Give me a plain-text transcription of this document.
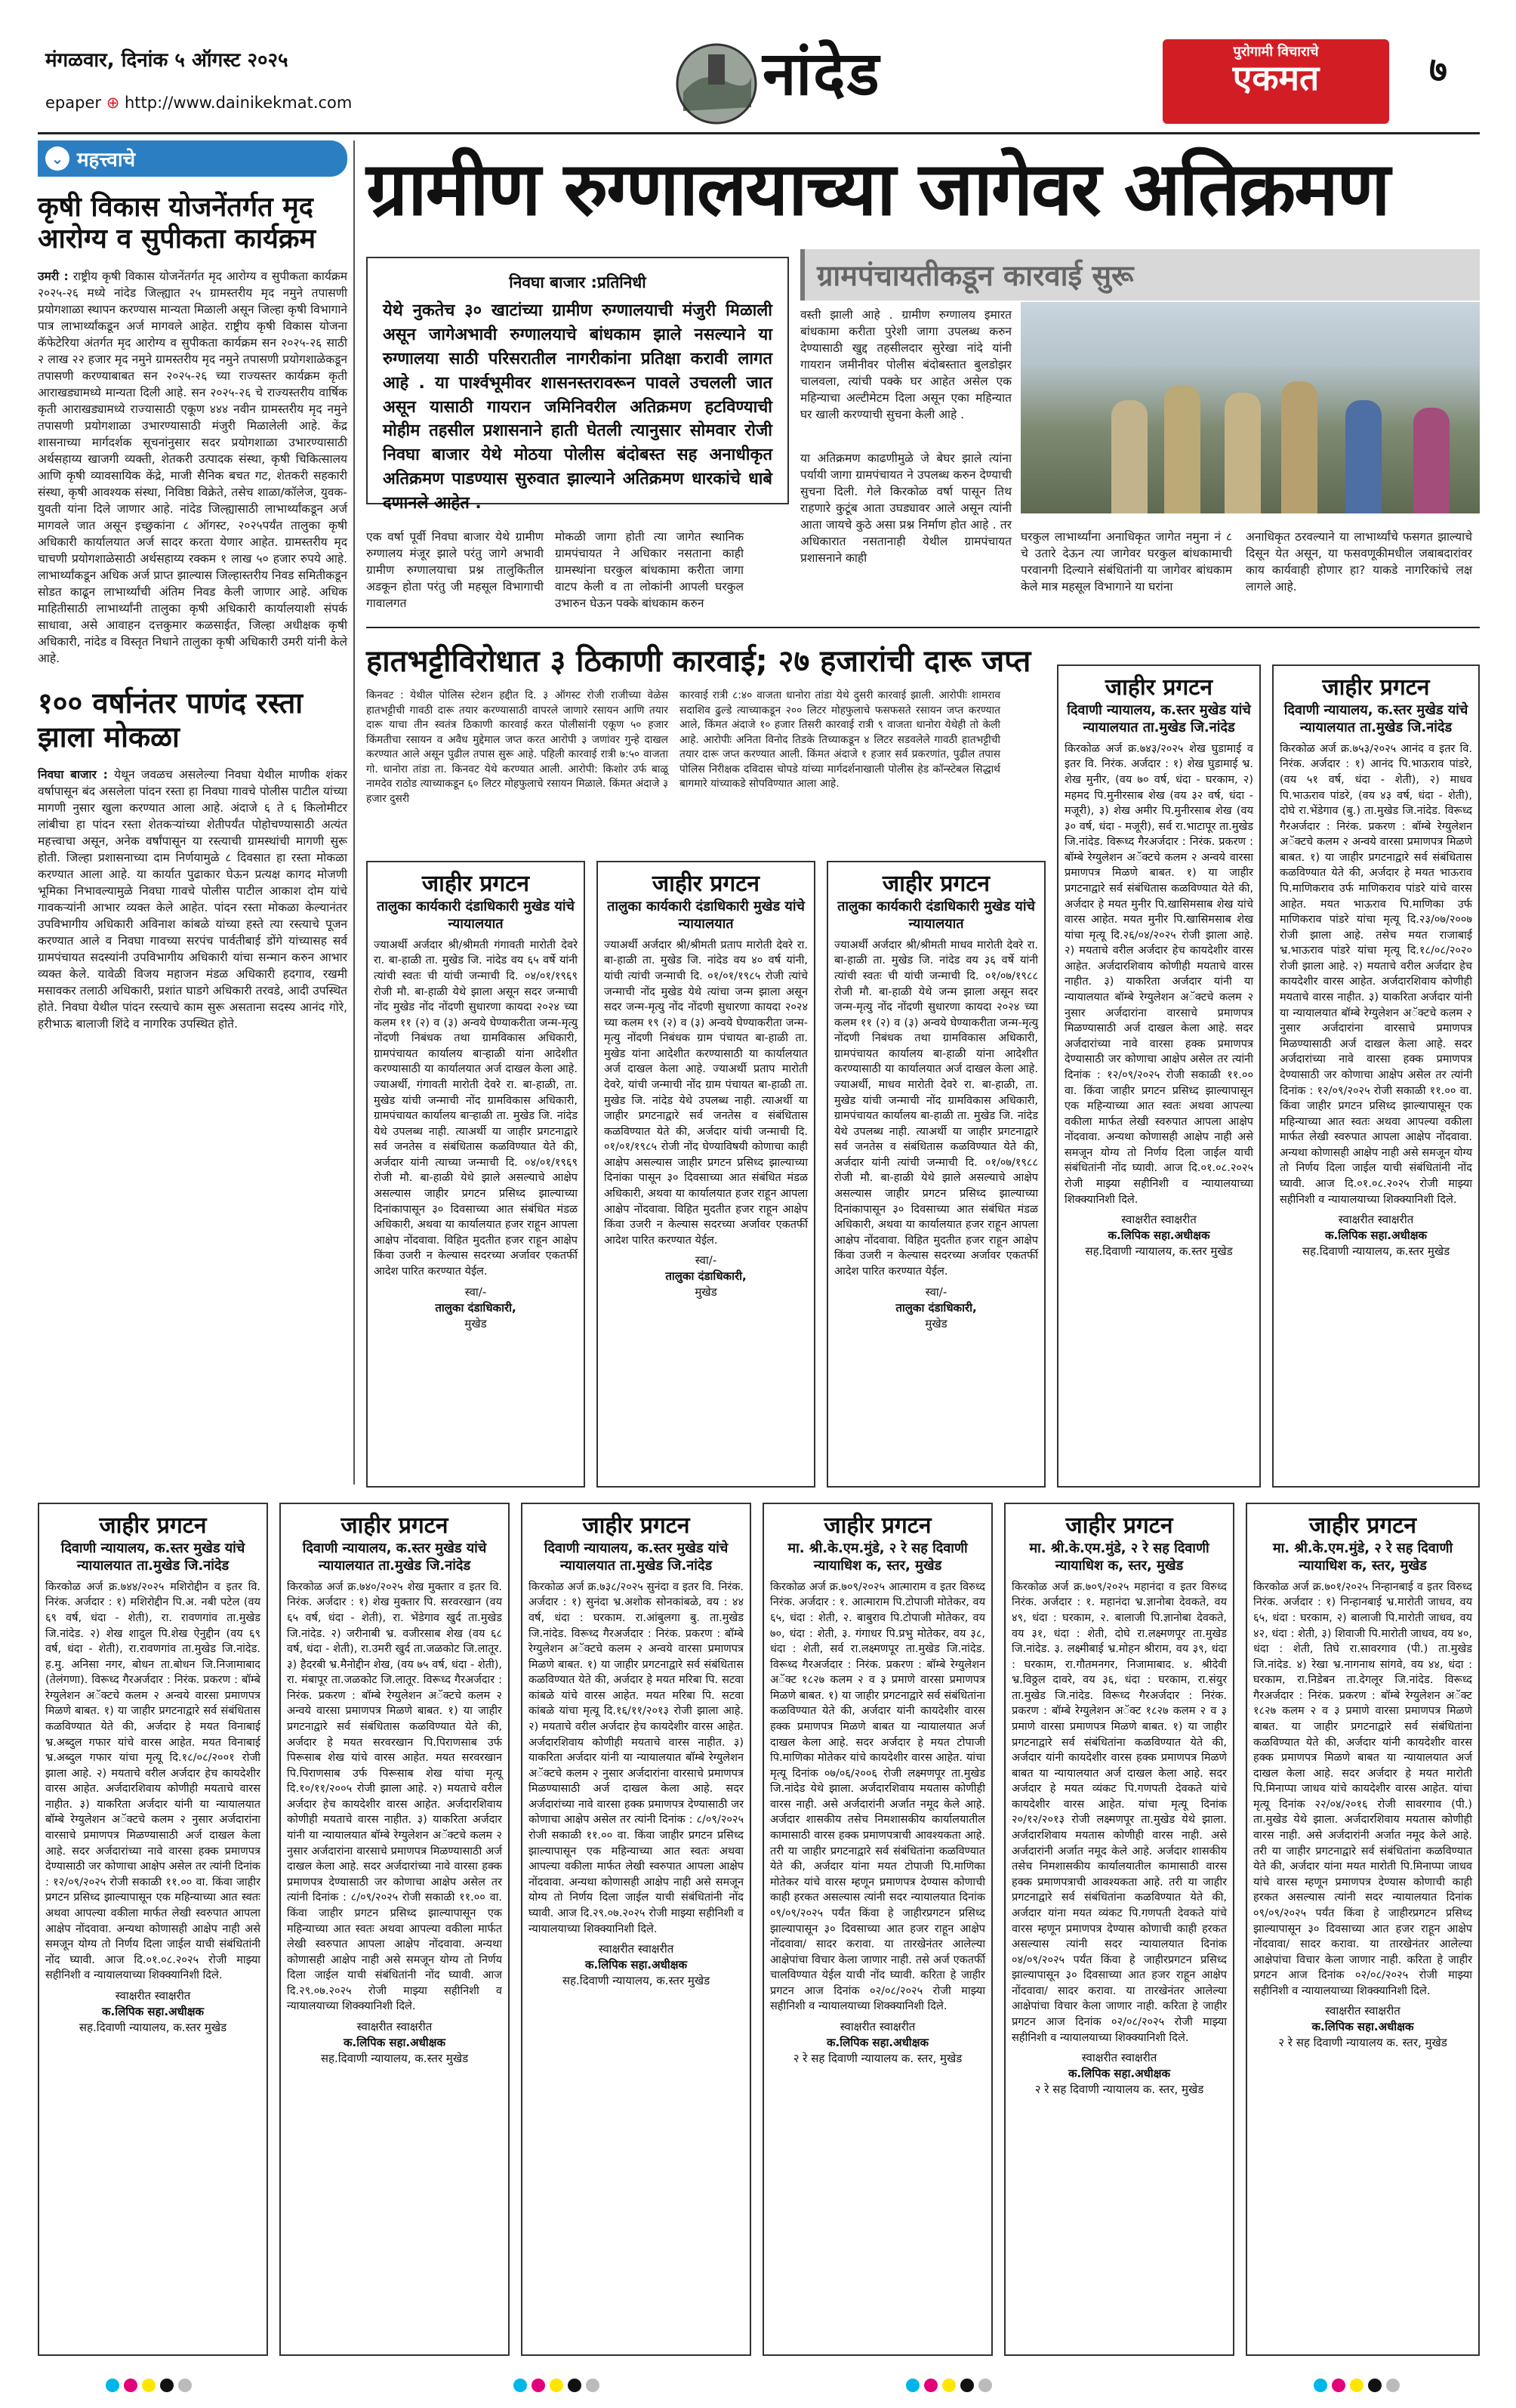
मंगळवार, दिनांक ५ ऑगस्ट २०२५
epaper ⊕ http://www.dainikekmat.com	नांदेड	पुरोगामी विचाराचे
एकमत	७
⌄ महत्त्वाचे
कृषी विकास योजनेंतर्गत मृद आरोग्य व सुपीकता कार्यक्रम
उमरी : राष्ट्रीय कृषी विकास योजनेंतर्गत मृद आरोग्य व सुपीकता कार्यक्रम २०२५-२६ मध्ये नांदेड जिल्ह्यात २५ ग्रामस्तरीय मृद नमुने तपासणी प्रयोगशाळा स्थापन करण्यास मान्यता मिळाली असून जिल्हा कृषी विभागाने पात्र लाभार्थ्यांकडून अर्ज मागवले आहेत. राष्ट्रीय कृषी विकास योजना कॅफेटेरिया अंतर्गत मृद आरोग्य व सुपीकता कार्यक्रम सन २०२५-२६ साठी २ लाख २२ हजार मृद नमुने ग्रामस्तरीय मृद नमुने तपासणी प्रयोगशाळेकडून तपासणी करण्याबाबत सन २०२५-२६ च्या राज्यस्तर कार्यक्रम कृती आराखड्यामध्ये मान्यता दिली आहे. सन २०२५-२६ चे राज्यस्तरीय वार्षिक कृती आराखड्यामध्ये राज्यासाठी एकूण ४४४ नवीन ग्रामस्तरीय मृद नमुने तपासणी प्रयोगशाळा उभारण्यासाठी मंजुरी मिळालेली आहे. केंद्र शासनाच्या मार्गदर्शक सूचनांनुसार सदर प्रयोगशाळा उभारण्यासाठी अर्थसहाय्य खाजगी व्यक्ती, शेतकरी उत्पादक संस्था, कृषी चिकित्सालय आणि कृषी व्यावसायिक केंद्रे, माजी सैनिक बचत गट, शेतकरी सहकारी संस्था, कृषी आवश्यक संस्था, निविष्ठा विक्रेते, तसेच शाळा/कॉलेज, युवक-युवती यांना दिले जाणार आहे. नांदेड जिल्ह्यासाठी लाभार्थ्यांकडून अर्ज मागवले जात असून इच्छुकांना ८ ऑगस्ट, २०२५पर्यंत तालुका कृषी अधिकारी कार्यालयात अर्ज सादर करता येणार आहेत. ग्रामस्तरीय मृद चाचणी प्रयोगशाळेसाठी अर्थसहाय्य रक्कम १ लाख ५० हजार रुपये आहे. लाभार्थ्यांकडून अधिक अर्ज प्राप्त झाल्यास जिल्हास्तरीय निवड समितीकडून सोडत काढून लाभार्थ्यांची अंतिम निवड केली जाणार आहे. अधिक माहितीसाठी लाभार्थ्यांनी तालुका कृषी अधिकारी कार्यालयाशी संपर्क साधावा, असे आवाहन दत्तकुमार कळसाईत, जिल्हा अधीक्षक कृषी अधिकारी, नांदेड व विस्तृत निधाने तालुका कृषी अधिकारी उमरी यांनी केले आहे.
१०० वर्षानंतर पाणंद रस्ता झाला मोकळा
निवघा बाजार : येथून जवळच असलेल्या निवघा येथील माणीक शंकर वर्षापासून बंद असलेला पांदन रस्ता हा निवघा गावचे पोलीस पाटील यांच्या मागणी नुसार खुला करण्यात आला आहे. अंदाजे ६ ते ६ किलोमीटर लांबीचा हा पांदन रस्ता शेतकऱ्यांच्या शेतीपर्यंत पोहोचण्यासाठी अत्यंत महत्त्वाचा असून, अनेक वर्षांपासून या रस्त्याची ग्रामस्थांची मागणी सुरू होती. जिल्हा प्रशासनाच्या दाम निर्णयामुळे ८ दिवसात हा रस्ता मोकळा करण्यात आला आहे. या कार्यात पुढाकार घेऊन प्रत्यक्ष कागद मोजणी भूमिका निभावल्यामुळे निवघा गावचे पोलीस पाटील आकाश दोम यांचे गावकऱ्यांनी आभार व्यक्त केले आहेत. पांदन रस्ता मोकळा केल्यानंतर उपविभागीय अधिकारी अविनाश कांबळे यांच्या हस्ते त्या रस्त्याचे पूजन करण्यात आले व निवघा गावच्या सरपंच पार्वतीबाई डोंगे यांच्यासह सर्व ग्रामपंचायत सदस्यांनी उपविभागीय अधिकारी यांचा सन्मान करुन आभार व्यक्त केले. यावेळी विजय महाजन मंडळ अधिकारी हदगाव, रखमी मसावकर तलाठी अधिकारी, प्रशांत घाडगे अधिकारी तरवडे, आदी उपस्थित होते. निवघा येथील पांदन रस्त्याचे काम सुरू असताना सदस्य आनंद गोरे, हरीभाऊ बालाजी शिंदे व नागरिक उपस्थित होते.
ग्रामीण रुग्णालयाच्या जागेवर अतिक्रमण
निवघा बाजार :प्रतिनिधी
येथे नुकतेच ३० खाटांच्या ग्रामीण रुग्णालयाची मंजुरी मिळाली असून जागेअभावी रुग्णालयाचे बांधकाम झाले नसल्याने या रुग्णालया साठी परिसरातील नागरीकांना प्रतिक्षा करावी लागत आहे . या पार्श्वभूमीवर शासनस्तरावरून पावले उचलली जात असून यासाठी गायरान जमिनिवरील अतिक्रमण हटविण्याची मोहीम तहसील प्रशासनाने हाती घेतली त्यानुसार सोमवार रोजी निवघा बाजार येथे मोठया पोलीस बंदोबस्त सह अनाधीकृत अतिक्रमण पाडण्यास सुरुवात झाल्याने अतिक्रमण धारकांचे धाबे दणानले आहेत .
ग्रामपंचायतीकडून कारवाई सुरू
वस्ती झाली आहे . ग्रामीण रुग्णालय इमारत बांधकामा करीता पुरेशी जागा उपलब्ध करुन देण्यासाठी खुद्द तहसीलदार सुरेखा नांदे यांनी गायरान जमीनीवर पोलीस बंदोबस्तात बुलडोझर चालवला, त्यांची पक्के घर आहेत असेल एक महिन्याचा अल्टीमेटम दिला असून एका महिन्यात घर खाली करण्याची सुचना केली आहे .
या अतिक्रमण काढणीमुळे जे बेघर झाले त्यांना पर्यायी जागा ग्रामपंचायत ने उपलब्ध करुन देण्याची सुचना दिली. गेले किरकोळ वर्षा पासून तिथ राहणारे कुटूंब आता उघड्यावर आले असून त्यांनी आता जायचे कुठे असा प्रश्न निर्माण होत आहे . तर अधिकारात नसतानाही येथील ग्रामपंचायत प्रशासनाने काही
एक वर्षा पूर्वी निवघा बाजार येथे ग्रामीण रुग्णालय मंजूर झाले परंतु जागे अभावी ग्रामीण रुग्णालयाचा प्रश्न तालुकितील अडकून होता परंतु जी महसूल विभागाची गावालगत
मोकळी जागा होती त्या जागेत स्थानिक ग्रामपंचायत ने अधिकार नसताना काही ग्रामस्थांना घरकुल बांधकामा करीता जागा वाटप केली व ता लोकांनी आपली घरकुल उभारुन घेऊन पक्के बांधकाम करुन
घरकुल लाभार्थ्यांना अनाधिकृत जागेत नमुना नं ८ चे उतारे देऊन त्या जागेवर घरकुल बांधकामाची परवानगी दिल्याने संबंधितांनी या जागेवर बांधकाम केले मात्र महसूल विभागाने या घरांना
अनाधिकृत ठरवल्याने या लाभार्थ्यांचे फसगत झाल्याचे दिसून येत असून, या फसवणूकीमधील जबाबदारांवर काय कार्यवाही होणार हा? याकडे नागरिकांचे लक्ष लागले आहे.
हातभट्टीविरोधात ३ ठिकाणी कारवाई; २७ हजारांची दारू जप्त
किनवट : येथील पोलिस स्टेशन हद्दीत दि. ३ ऑगस्ट रोजी राजीच्या वेळेस हातभट्टीची गावठी दारू तयार करण्यासाठी वापरले जाणारे रसायन आणि तयार दारू याचा तीन स्वतंत्र ठिकाणी कारवाई करत पोलीसांनी एकूण ५० हजार किंमतीचा रसायन व अवैध मुद्देमाल जप्त करत आरोपी ३ जणांवर गुन्हे दाखल करण्यात आले असून पुढील तपास सुरू आहे. पहिली कारवाई रात्री ७:५० वाजता गो. धानोरा तांडा ता. किनवट येथे करण्यात आली. आरोपी: किशोर उर्फ बाळू नामदेव राठोड त्याच्याकडून ६० लिटर मोहफुलाचे रसायन मिळाले. किंमत अंदाजे ३ हजार दुसरी
कारवाई रात्री ८:४० वाजता धानोरा तांडा येथे दुसरी कारवाई झाली. आरोपीः शामराव सदाशिव ढुल्डे त्याच्याकडून २०० लिटर मोहफुलाचे फसफसते रसायन जप्त करण्यात आले, किंमत अंदाजे १० हजार तिसरी कारवाई रात्री ९ वाजता धानोरा येथेही तो केली आहे. आरोपीः अनिता विनोद तिडके तिच्याकडून ४ लिटर सडवलेले गावठी हातभट्टीची तयार दारू जप्त करण्यात आली. किंमत अंदाजे १ हजार सर्व प्रकरणांत, पुढील तपास पोलिस निरीक्षक दविदास चोपडे यांच्या मार्गदर्शनाखाली पोलीस हेड कॉन्स्टेबल सिद्धार्थ बागमारे यांच्याकडे सोपविण्यात आला आहे.
जाहीर प्रगटन
तालुका कार्यकारी दंडाधिकारी मुखेड यांचे न्यायालयात
ज्याअर्थी अर्जदार श्री/श्रीमती गंगावती मारोती देवरे रा. बा-हाळी ता. मुखेड जि. नांदेड वय ६५ वर्षे यांनी त्यांची स्वतः ची यांची जन्माची दि. ०४/०१/१९६९ रोजी मौ. बा-हाळी येथे झाला असून सदर जन्माची नोंद मुखेड नोंद नोंदणी सुधारणा कायदा २०२४ च्या कलम ११ (२) व (३) अन्वये घेण्याकरीता जन्म-मृत्यु नोंदणी निबंधक तथा ग्रामविकास अधिकारी, ग्रामपंचायत कार्यालय बाऱ्हाळी यांना आदेशीत करण्यासाठी या कार्यालयात अर्ज दाखल केला आहे. ज्याअर्थी, गंगावती मारोती देवरे रा. बा-हाळी, ता. मुखेड यांची जन्माची नोंद ग्रामविकास अधिकारी, ग्रामपंचायत कार्यालय बाऱ्हाळी ता. मुखेड जि. नांदेड येथे उपलब्ध नाही. त्याअर्थी या जाहीर प्रगटनाद्वारे सर्व जनतेस व संबंधितास कळविण्यात येते की, अर्जदार यांनी त्याच्या जन्माची दि. ०४/०१/१९६९ रोजी मौ. बा-हाळी येथे झाले असल्याचे आक्षेप असल्यास जाहीर प्रगटन प्रसिध्द झाल्याच्या दिनांकापासून ३० दिवसाच्या आत संबंधित मंडळ अधिकारी, अथवा या कार्यालयात हजर राहून आपला आक्षेप नोंदवावा. विहित मुदतीत हजर राहून आक्षेप किंवा उजरी न केल्यास सदरच्या अर्जावर एकतर्फी आदेश पारित करण्यात येईल.
स्वा/-
तालुका दंडाधिकारी,
मुखेड
जाहीर प्रगटन
तालुका कार्यकारी दंडाधिकारी मुखेड यांचे न्यायालयात
ज्याअर्थी अर्जदार श्री/श्रीमती प्रताप मारोती देवरे रा. बा-हाळी ता. मुखेड जि. नांदेड वय ४० वर्ष यांनी, यांची त्यांची जन्माची दि. ०१/०१/१९८५ रोजी त्यांचे जन्माची नोंद मुखेड येथे त्यांचा जन्म झाला असून सदर जन्म-मृत्यु नोंद नोंदणी सुधारणा कायदा २०२४ च्या कलम १९ (२) व (३) अन्वये घेण्याकरीता जन्म-मृत्यु नोंदणी निबंधक ग्राम पंचायत बा-हाळी ता. मुखेड यांना आदेशीत करण्यासाठी या कार्यालयात अर्ज दाखल केला आहे. ज्याअर्थी प्रताप मारोती देवरे, यांची जन्माची नोंद ग्राम पंचायत बा-हाळी ता. मुखेड जि. नांदेड येथे उपलब्ध नाही. त्याअर्थी या जाहीर प्रगटनाद्वारे सर्व जनतेस व संबंधितास कळविण्यात येते की, अर्जदार यांची जन्माची दि. ०१/०१/१९८५ रोजी नोंद घेण्याविषयी कोणाचा काही आक्षेप असल्यास जाहीर प्रगटन प्रसिध्द झाल्याच्या दिनांका पासून ३० दिवसाच्या आत संबंधित मंडळ अधिकारी, अथवा या कार्यालयात हजर राहून आपला आक्षेप नोंदवावा. विहित मुदतीत हजर राहून आक्षेप किंवा उजरी न केल्यास सदरच्या अर्जावर एकतर्फी आदेश पारित करण्यात येईल.
स्वा/-
तालुका दंडाधिकारी,
मुखेड
जाहीर प्रगटन
तालुका कार्यकारी दंडाधिकारी मुखेड यांचे न्यायालयात
ज्याअर्थी अर्जदार श्री/श्रीमती माधव मारोती देवरे रा. बा-हाळी ता. मुखेड जि. नांदेड वय ३६ वर्षे यांनी त्यांची स्वतः ची यांची जन्माची दि. ०१/०७/१९८८ रोजी मौ. बा-हाळी येथे जन्म झाला असून सदर जन्म-मृत्यु नोंद नोंदणी सुधारणा कायदा २०२४ च्या कलम ११ (२) व (३) अन्वये घेण्याकरीता जन्म-मृत्यु नोंदणी निबंधक तथा ग्रामविकास अधिकारी, ग्रामपंचायत कार्यालय बा-हाळी यांना आदेशीत करण्यासाठी या कार्यालयात अर्ज दाखल केला आहे. ज्याअर्थी, माधव मारोती देवरे रा. बा-हाळी, ता. मुखेड यांची जन्माची नोंद ग्रामविकास अधिकारी, ग्रामपंचायत कार्यालय बा-हाळी ता. मुखेड जि. नांदेड येथे उपलब्ध नाही. त्याअर्थी या जाहीर प्रगटनाद्वारे सर्व जनतेस व संबंधितास कळविण्यात येते की, अर्जदार यांनी त्यांची जन्माची दि. ०१/०७/१९८८ रोजी मौ. बा-हाळी येथे झाले असल्याचे आक्षेप असल्यास जाहीर प्रगटन प्रसिध्द झाल्याच्या दिनांकापासून ३० दिवसाच्या आत संबंधित मंडळ अधिकारी, अथवा या कार्यालयात हजर राहून आपला आक्षेप नोंदवावा. विहित मुदतीत हजर राहून आक्षेप किंवा उजरी न केल्यास सदरच्या अर्जावर एकतर्फी आदेश पारित करण्यात येईल.
स्वा/-
तालुका दंडाधिकारी,
मुखेड
जाहीर प्रगटन
दिवाणी न्यायालय, क.स्तर मुखेड यांचे न्यायालयात ता.मुखेड जि.नांदेड
किरकोळ अर्ज क्र.७४३/२०२५ शेख घुडामाई व इतर वि. निरंक. अर्जदार : १) शेख घुडामाई भ्र. शेख मुनीर, (वय ७० वर्ष, धंदा - घरकाम, २) महमद पि.मुनीरसाब शेख (वय ३२ वर्ष, धंदा - मजूरी), ३) शेख अमीर पि.मुनीरसाब शेख (वय ३० वर्ष, धंदा - मजूरी), सर्व रा.भाटापूर ता.मुखेड जि.नांदेड. विरूध्द गैरअर्जदार : निरंक. प्रकरण : बॉम्बे रेग्युलेशन अॅक्टचे कलम २ अन्वये वारसा प्रमाणपत्र मिळणे बाबत. १) या जाहीर प्रगटनाद्वारे सर्व संबंधितास कळविण्यात येते की, अर्जदार हे मयत मुनीर पि.खासिमसाब शेख यांचे वारस आहेत. मयत मुनीर पि.खासिमसाब शेख यांचा मृत्यू दि.२६/०४/२०२५ रोजी झाला आहे. २) मयताचे वरील अर्जदार हेच कायदेशीर वारस आहेत. अर्जदारशिवाय कोणीही मयताचे वारस नाहीत. ३) याकरिता अर्जदार यांनी या न्यायालयात बॉम्बे रेग्युलेशन अॅक्टचे कलम २ नुसार अर्जदारांना वारसाचे प्रमाणपत्र मिळण्यासाठी अर्ज दाखल केला आहे. सदर अर्जदारांच्या नावे वारसा हक्क प्रमाणपत्र देण्यासाठी जर कोणाचा आक्षेप असेल तर त्यांनी दिनांक : १२/०९/२०२५ रोजी सकाळी ११.०० वा. किंवा जाहीर प्रगटन प्रसिध्द झाल्यापासून एक महिन्याच्या आत स्वतः अथवा आपल्या वकीला मार्फत लेखी स्वरुपात आपला आक्षेप नोंदवावा. अन्यथा कोणासही आक्षेप नाही असे समजून योग्य तो निर्णय दिला जाईल याची संबंधितांनी नोंद घ्यावी. आज दि.०१.०८.२०२५ रोजी माझ्या सहीनिशी व न्यायालयाच्या शिक्क्यानिशी दिले.
स्वाक्षरीत स्वाक्षरीत
क.लिपिक सहा.अधीक्षक
सह.दिवाणी न्यायालय, क.स्तर मुखेड
जाहीर प्रगटन
दिवाणी न्यायालय, क.स्तर मुखेड यांचे न्यायालयात ता.मुखेड जि.नांदेड
किरकोळ अर्ज क्र.७५३/२०२५ आनंद व इतर वि. निरंक. अर्जदार : १) आनंद पि.भाऊराव पांडरे, (वय ५१ वर्ष, धंदा - शेती), २) माधव पि.भाऊराव पांडरे, (वय ४३ वर्ष, धंदा - शेती), दोघे रा.भेंडेगाव (बु.) ता.मुखेड जि.नांदेड. विरूध्द गैरअर्जदार : निरंक. प्रकरण : बॉम्बे रेग्युलेशन अॅक्टचे कलम २ अन्वये वारसा प्रमाणपत्र मिळणे बाबत. १) या जाहीर प्रगटनाद्वारे सर्व संबंधितास कळविण्यात येते की, अर्जदार हे मयत भाऊराव पि.माणिकराव उर्फ माणिकराव पांडरे यांचे वारस आहेत. मयत भाऊराव पि.माणिका उर्फ माणिकराव पांडरे यांचा मृत्यू दि.२३/०७/२००७ रोजी झाला आहे. तसेच मयत राजाबाई भ्र.भाऊराव पांडरे यांचा मृत्यू दि.१८/०८/२०२० रोजी झाला आहे. २) मयताचे वरील अर्जदार हेच कायदेशीर वारस आहेत. अर्जदारशिवाय कोणीही मयताचे वारस नाहीत. ३) याकरिता अर्जदार यांनी या न्यायालयात बॉम्बे रेग्युलेशन अॅक्टचे कलम २ नुसार अर्जदारांना वारसाचे प्रमाणपत्र मिळण्यासाठी अर्ज दाखल केला आहे. सदर अर्जदारांच्या नावे वारसा हक्क प्रमाणपत्र देण्यासाठी जर कोणाचा आक्षेप असेल तर त्यांनी दिनांक : १२/०९/२०२५ रोजी सकाळी ११.०० वा. किंवा जाहीर प्रगटन प्रसिध्द झाल्यापासून एक महिन्याच्या आत स्वतः अथवा आपल्या वकीला मार्फत लेखी स्वरुपात आपला आक्षेप नोंदवावा. अन्यथा कोणासही आक्षेप नाही असे समजून योग्य तो निर्णय दिला जाईल याची संबंधितांनी नोंद घ्यावी. आज दि.०१.०८.२०२५ रोजी माझ्या सहीनिशी व न्यायालयाच्या शिक्क्यानिशी दिले.
स्वाक्षरीत स्वाक्षरीत
क.लिपिक सहा.अधीक्षक
सह.दिवाणी न्यायालय, क.स्तर मुखेड
जाहीर प्रगटन
दिवाणी न्यायालय, क.स्तर मुखेड यांचे न्यायालयात ता.मुखेड जि.नांदेड
किरकोळ अर्ज क्र.७४४/२०२५ मशिरोद्दीन व इतर वि. निरंक. अर्जदार : १) मशिरोद्दीन पि.अ. नबी पटेल (वय ६९ वर्ष, धंदा - शेती), रा. रावणगांव ता.मुखेड जि.नांदेड. २) शेख शादुल पि.शेख ऐनुद्दीन (वय ६९ वर्ष, धंदा - शेती), रा.रावणगांव ता.मुखेड जि.नांदेड. ह.मु. अनिसा नगर, बोधन ता.बोधन जि.निजामाबाद (तेलंगणा). विरूध्द गैरअर्जदार : निरंक. प्रकरण : बॉम्बे रेग्युलेशन अॅक्टचे कलम २ अन्वये वारसा प्रमाणपत्र मिळणे बाबत. १) या जाहीर प्रगटनाद्वारे सर्व संबंधितास कळविण्यात येते की, अर्जदार हे मयत विनाबाई भ्र.अब्दुल गफार यांचे वारस आहेत. मयत विनाबाई भ्र.अब्दुल गफार यांचा मृत्यू दि.१८/०८/२००१ रोजी झाला आहे. २) मयताचे वरील अर्जदार हेच कायदेशीर वारस आहेत. अर्जदारशिवाय कोणीही मयताचे वारस नाहीत. ३) याकरिता अर्जदार यांनी या न्यायालयात बॉम्बे रेग्युलेशन अॅक्टचे कलम २ नुसार अर्जदारांना वारसाचे प्रमाणपत्र मिळण्यासाठी अर्ज दाखल केला आहे. सदर अर्जदारांच्या नावे वारसा हक्क प्रमाणपत्र देण्यासाठी जर कोणाचा आक्षेप असेल तर त्यांनी दिनांक : १२/०९/२०२५ रोजी सकाळी ११.०० वा. किंवा जाहीर प्रगटन प्रसिध्द झाल्यापासून एक महिन्याच्या आत स्वतः अथवा आपल्या वकीला मार्फत लेखी स्वरुपात आपला आक्षेप नोंदवावा. अन्यथा कोणासही आक्षेप नाही असे समजून योग्य तो निर्णय दिला जाईल याची संबंधितांनी नोंद घ्यावी. आज दि.०१.०८.२०२५ रोजी माझ्या सहीनिशी व न्यायालयाच्या शिक्क्यानिशी दिले.
स्वाक्षरीत स्वाक्षरीत
क.लिपिक सहा.अधीक्षक
सह.दिवाणी न्यायालय, क.स्तर मुखेड
जाहीर प्रगटन
दिवाणी न्यायालय, क.स्तर मुखेड यांचे न्यायालयात ता.मुखेड जि.नांदेड
किरकोळ अर्ज क्र.७४०/२०२५ शेख मुक्तार व इतर वि. निरंक. अर्जदार : १) शेख मुक्तार पि. सरवरखान (वय ६५ वर्ष, धंदा - शेती), रा. भेंडेगाव खुर्द ता.मुखेड जि.नांदेड. २) जरीनाबी भ्र. वजीरसाब शेख (वय ६८ वर्ष, धंदा - शेती), रा.उमरी खुर्द ता.जळकोट जि.लातूर. ३) हैदरबी भ्र.मैनोद्दीन शेख, (वय ७५ वर्ष, धंदा - शेती), रा. मंबापूर ता.जळकोट जि.लातूर. विरूध्द गैरअर्जदार : निरंक. प्रकरण : बॉम्बे रेग्युलेशन अॅक्टचे कलम २ अन्वये वारसा प्रमाणपत्र मिळणे बाबत. १) या जाहीर प्रगटनाद्वारे सर्व संबंधितास कळविण्यात येते की, अर्जदार हे मयत सरवरखान पि.पिराणसाब उर्फ पिरूसाब शेख यांचे वारस आहेत. मयत सरवरखान पि.पिराणसाब उर्फ पिरूसाब शेख यांचा मृत्यू दि.१०/११/२००५ रोजी झाला आहे. २) मयताचे वरील अर्जदार हेच कायदेशीर वारस आहेत. अर्जदारशिवाय कोणीही मयताचे वारस नाहीत. ३) याकरिता अर्जदार यांनी या न्यायालयात बॉम्बे रेग्युलेशन अॅक्टचे कलम २ नुसार अर्जदारांना वारसाचे प्रमाणपत्र मिळण्यासाठी अर्ज दाखल केला आहे. सदर अर्जदारांच्या नावे वारसा हक्क प्रमाणपत्र देण्यासाठी जर कोणाचा आक्षेप असेल तर त्यांनी दिनांक : ८/०९/२०२५ रोजी सकाळी ११.०० वा. किंवा जाहीर प्रगटन प्रसिध्द झाल्यापासून एक महिन्याच्या आत स्वतः अथवा आपल्या वकीला मार्फत लेखी स्वरुपात आपला आक्षेप नोंदवावा. अन्यथा कोणासही आक्षेप नाही असे समजून योग्य तो निर्णय दिला जाईल याची संबंधितांनी नोंद घ्यावी. आज दि.२९.०७.२०२५ रोजी माझ्या सहीनिशी व न्यायालयाच्या शिक्क्यानिशी दिले.
स्वाक्षरीत स्वाक्षरीत
क.लिपिक सहा.अधीक्षक
सह.दिवाणी न्यायालय, क.स्तर मुखेड
जाहीर प्रगटन
दिवाणी न्यायालय, क.स्तर मुखेड यांचे न्यायालयात ता.मुखेड जि.नांदेड
किरकोळ अर्ज क्र.७३८/२०२५ सुनंदा व इतर वि. निरंक. अर्जदार : १) सुनंदा भ्र.अशोक सोनकांबळे, वय : ४४ वर्ष, धंदा : घरकाम. रा.आंबुलगा बु. ता.मुखेड जि.नांदेड. विरूध्द गैरअर्जदार : निरंक. प्रकरण : बॉम्बे रेग्युलेशन अॅक्टचे कलम २ अन्वये वारसा प्रमाणपत्र मिळणे बाबत. १) या जाहीर प्रगटनाद्वारे सर्व संबंधितास कळविण्यात येते की, अर्जदार हे मयत मरिबा पि. सटवा कांबळे यांचे वारस आहेत. मयत मरिबा पि. सटवा कांबळे यांचा मृत्यू दि.१६/११/२०१३ रोजी झाला आहे. २) मयताचे वरील अर्जदार हेच कायदेशीर वारस आहेत. अर्जदारशिवाय कोणीही मयताचे वारस नाहीत. ३) याकरिता अर्जदार यांनी या न्यायालयात बॉम्बे रेग्युलेशन अॅक्टचे कलम २ नुसार अर्जदारांना वारसाचे प्रमाणपत्र मिळण्यासाठी अर्ज दाखल केला आहे. सदर अर्जदारांच्या नावे वारसा हक्क प्रमाणपत्र देण्यासाठी जर कोणाचा आक्षेप असेल तर त्यांनी दिनांक : ८/०९/२०२५ रोजी सकाळी ११.०० वा. किंवा जाहीर प्रगटन प्रसिध्द झाल्यापासून एक महिन्याच्या आत स्वतः अथवा आपल्या वकीला मार्फत लेखी स्वरुपात आपला आक्षेप नोंदवावा. अन्यथा कोणासही आक्षेप नाही असे समजून योग्य तो निर्णय दिला जाईल याची संबंधितांनी नोंद घ्यावी. आज दि.२९.०७.२०२५ रोजी माझ्या सहीनिशी व न्यायालयाच्या शिक्क्यानिशी दिले.
स्वाक्षरीत स्वाक्षरीत
क.लिपिक सहा.अधीक्षक
सह.दिवाणी न्यायालय, क.स्तर मुखेड
जाहीर प्रगटन
मा. श्री.के.एम.मुंडे, २ रे सह दिवाणी न्यायाधिश क, स्तर, मुखेड
किरकोळ अर्ज क्र.७०९/२०२५ आत्माराम व इतर विरुध्द निरंक. अर्जदार : १. आत्माराम पि.टोपाजी मोतेकर, वय ६५, धंदा : शेती, २. बाबुराव पि.टोपाजी मोतेकर, वय ७०, धंदा : शेती, ३. गंगाधर पि.प्रभु मोतेकर, वय ३८, धंदा : शेती, सर्व रा.लक्ष्मणपूर ता.मुखेड जि.नांदेड. विरूध्द गैरअर्जदार : निरंक. प्रकरण : बॉम्बे रेग्युलेशन अॅक्ट १८२७ कलम २ व ३ प्रमाणे वारसा प्रमाणपत्र मिळणे बाबत. १) या जाहीर प्रगटनाद्वारे सर्व संबंधितांना कळविण्यात येते की, अर्जदार यांनी कायदेशीर वारस हक्क प्रमाणपत्र मिळणे बाबत या न्यायालयात अर्ज दाखल केला आहे. सदर अर्जदार हे मयत टोपाजी पि.माणिका मोतेकर यांचे कायदेशीर वारस आहेत. यांचा मृत्यू दिनांक ०७/०६/२००६ रोजी लक्ष्मणपूर ता.मुखेड जि.नांदेड येथे झाला. अर्जदारशिवाय मयतास कोणीही वारस नाही. असे अर्जदारांनी अर्जात नमूद केले आहे. अर्जदार शासकीय तसेच निमशासकीय कार्यालयातील कामासाठी वारस हक्क प्रमाणपत्राची आवश्यकता आहे. तरी या जाहीर प्रगटनाद्वारे सर्व संबंधितांना कळविण्यात येते की, अर्जदार यांना मयत टोपाजी पि.माणिका मोतेकर यांचे वारस म्हणून प्रमाणपत्र देण्यास कोणाची काही हरकत असल्यास त्यांनी सदर न्यायालयात दिनांक ०९/०९/२०२५ पर्यंत किंवा हे जाहीरप्रगटन प्रसिध्द झाल्यापासून ३० दिवसाच्या आत हजर राहून आक्षेप नोंदवावा/ सादर करावा. या तारखेनंतर आलेल्या आक्षेपांचा विचार केला जाणार नाही. तसे अर्ज एकतर्फी चालविण्यात येईल याची नोंद घ्यावी. करिता हे जाहीर प्रगटन आज दिनांक ०२/०८/२०२५ रोजी माझ्या सहीनिशी व न्यायालयाच्या शिक्क्यानिशी दिले.
स्वाक्षरीत स्वाक्षरीत
क.लिपिक सहा.अधीक्षक
२ रे सह दिवाणी न्यायालय क. स्तर, मुखेड
जाहीर प्रगटन
मा. श्री.के.एम.मुंडे, २ रे सह दिवाणी न्यायाधिश क, स्तर, मुखेड
किरकोळ अर्ज क्र.७०९/२०२५ महानंदा व इतर विरुध्द निरंक. अर्जदार : १. महानंदा भ्र.ज्ञानोबा देवकते, वय ४९, धंदा : घरकाम, २. बालाजी पि.ज्ञानोबा देवकते, वय ३१, धंदा : शेती, दोघे रा.लक्ष्मणपूर ता.मुखेड जि.नांदेड. ३. लक्ष्मीबाई भ्र.मोहन श्रीराम, वय ३९, धंदा : घरकाम, रा.गौतमनगर, निजामाबाद. ४. श्रीदेवी भ्र.विठ्ठल दावरे, वय ३६, धंदा : घरकाम, रा.संयुर ता.मुखेड जि.नांदेड. विरूध्द गैरअर्जदार : निरंक. प्रकरण : बॉम्बे रेग्युलेशन अॅक्ट १८२७ कलम २ व ३ प्रमाणे वारसा प्रमाणपत्र मिळणे बाबत. १) या जाहीर प्रगटनाद्वारे सर्व संबंधितांना कळविण्यात येते की, अर्जदार यांनी कायदेशीर वारस हक्क प्रमाणपत्र मिळणे बाबत या न्यायालयात अर्ज दाखल केला आहे. सदर अर्जदार हे मयत व्यंकट पि.गणपती देवकते यांचे कायदेशीर वारस आहेत. यांचा मृत्यू दिनांक २०/१२/२०१३ रोजी लक्ष्मणपूर ता.मुखेड येथे झाला. अर्जदारशिवाय मयतास कोणीही वारस नाही. असे अर्जदारांनी अर्जात नमूद केले आहे. अर्जदार शासकीय तसेच निमशासकीय कार्यालयातील कामासाठी वारस हक्क प्रमाणपत्राची आवश्यकता आहे. तरी या जाहीर प्रगटनाद्वारे सर्व संबंधितांना कळविण्यात येते की, अर्जदार यांना मयत व्यंकट पि.गणपती देवकते यांचे वारस म्हणून प्रमाणपत्र देण्यास कोणाची काही हरकत असल्यास त्यांनी सदर न्यायालयात दिनांक ०४/०९/२०२५ पर्यंत किंवा हे जाहीरप्रगटन प्रसिध्द झाल्यापासून ३० दिवसाच्या आत हजर राहून आक्षेप नोंदवावा/ सादर करावा. या तारखेनंतर आलेल्या आक्षेपांचा विचार केला जाणार नाही. करिता हे जाहीर प्रगटन आज दिनांक ०२/०८/२०२५ रोजी माझ्या सहीनिशी व न्यायालयाच्या शिक्क्यानिशी दिले.
स्वाक्षरीत स्वाक्षरीत
क.लिपिक सहा.अधीक्षक
२ रे सह दिवाणी न्यायालय क. स्तर, मुखेड
जाहीर प्रगटन
मा. श्री.के.एम.मुंडे, २ रे सह दिवाणी न्यायाधिश क, स्तर, मुखेड
किरकोळ अर्ज क्र.७०१/२०२५ निन्हानबाई व इतर विरुध्द निरंक. अर्जदार : १) निन्हानबाई भ्र.मारोती जाधव, वय ६५, धंदा : घरकाम, २) बालाजी पि.मारोती जाधव, वय ४२, धंदा : शेती, ३) शिवाजी पि.मारोती जाधव, वय ४०, धंदा : शेती, तिघे रा.सावरगाव (पी.) ता.मुखेड जि.नांदेड. ४) रेखा भ्र.नागनाथ सांगवे, वय ४४, धंदा : घरकाम, रा.निडेबन ता.देगलूर जि.नांदेड. विरूध्द गैरअर्जदार : निरंक. प्रकरण : बॉम्बे रेग्युलेशन अॅक्ट १८२७ कलम २ व ३ प्रमाणे वारसा प्रमाणपत्र मिळणे बाबत. या जाहीर प्रगटनाद्वारे सर्व संबंधितांना कळविण्यात येते की, अर्जदार यांनी कायदेशीर वारस हक्क प्रमाणपत्र मिळणे बाबत या न्यायालयात अर्ज दाखल केला आहे. सदर अर्जदार हे मयत मारोती पि.मिनाप्पा जाधव यांचे कायदेशीर वारस आहेत. यांचा मृत्यू दिनांक २२/०४/२०१६ रोजी सावरगाव (पी.) ता.मुखेड येथे झाला. अर्जदारशिवाय मयतास कोणीही वारस नाही. असे अर्जदारांनी अर्जात नमूद केले आहे. तरी या जाहीर प्रगटनाद्वारे सर्व संबंधितांना कळविण्यात येते की, अर्जदार यांना मयत मारोती पि.मिनाप्पा जाधव यांचे वारस म्हणून प्रमाणपत्र देण्यास कोणाची काही हरकत असल्यास त्यांनी सदर न्यायालयात दिनांक ०९/०९/२०२५ पर्यंत किंवा हे जाहीरप्रगटन प्रसिध्द झाल्यापासून ३० दिवसाच्या आत हजर राहून आक्षेप नोंदवावा/ सादर करावा. या तारखेनंतर आलेल्या आक्षेपांचा विचार केला जाणार नाही. करिता हे जाहीर प्रगटन आज दिनांक ०२/०८/२०२५ रोजी माझ्या सहीनिशी व न्यायालयाच्या शिक्क्यानिशी दिले.
स्वाक्षरीत स्वाक्षरीत
क.लिपिक सहा.अधीक्षक
२ रे सह दिवाणी न्यायालय क. स्तर, मुखेड
